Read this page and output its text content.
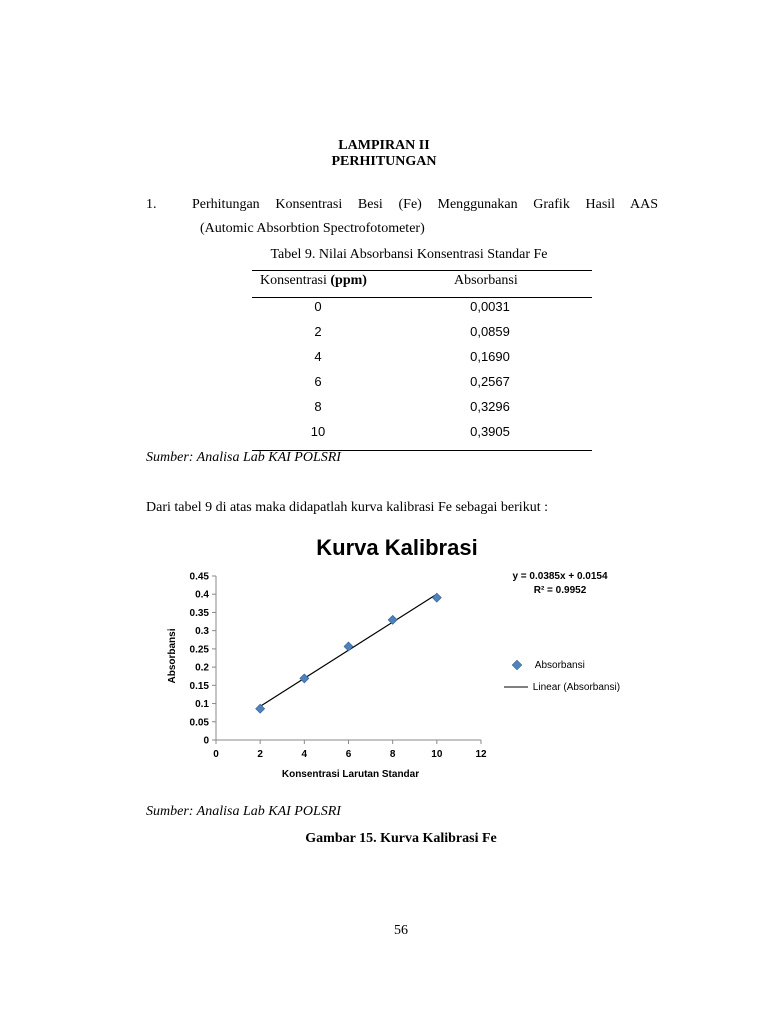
LAMPIRAN II
PERHITUNGAN
1.	Perhitungan Konsentrasi Besi (Fe) Menggunakan Grafik Hasil AAS
(Automic Absorbtion Spectrofotometer)
Tabel 9. Nilai Absorbansi Konsentrasi Standar Fe
Konsentrasi (ppm)	Absorbansi
0	0,0031
2	0,0859
4	0,1690
6	0,2567
8	0,3296
10	0,3905
Sumber: Analisa Lab KAI POLSRI
Dari tabel 9 di atas maka didapatlah kurva kalibrasi Fe sebagai berikut :
Kurva Kalibrasi
0
0.05
0.1
0.15
0.2
0.25
0.3
0.35
0.4
0.45
0	2	4	6	8	10	12
Konsentrasi Larutan Standar
Absorbansi
y = 0.0385x + 0.0154
R² = 0.9952
Absorbansi
Linear (Absorbansi)
Sumber: Analisa Lab KAI POLSRI
Gambar 15. Kurva Kalibrasi Fe
56
